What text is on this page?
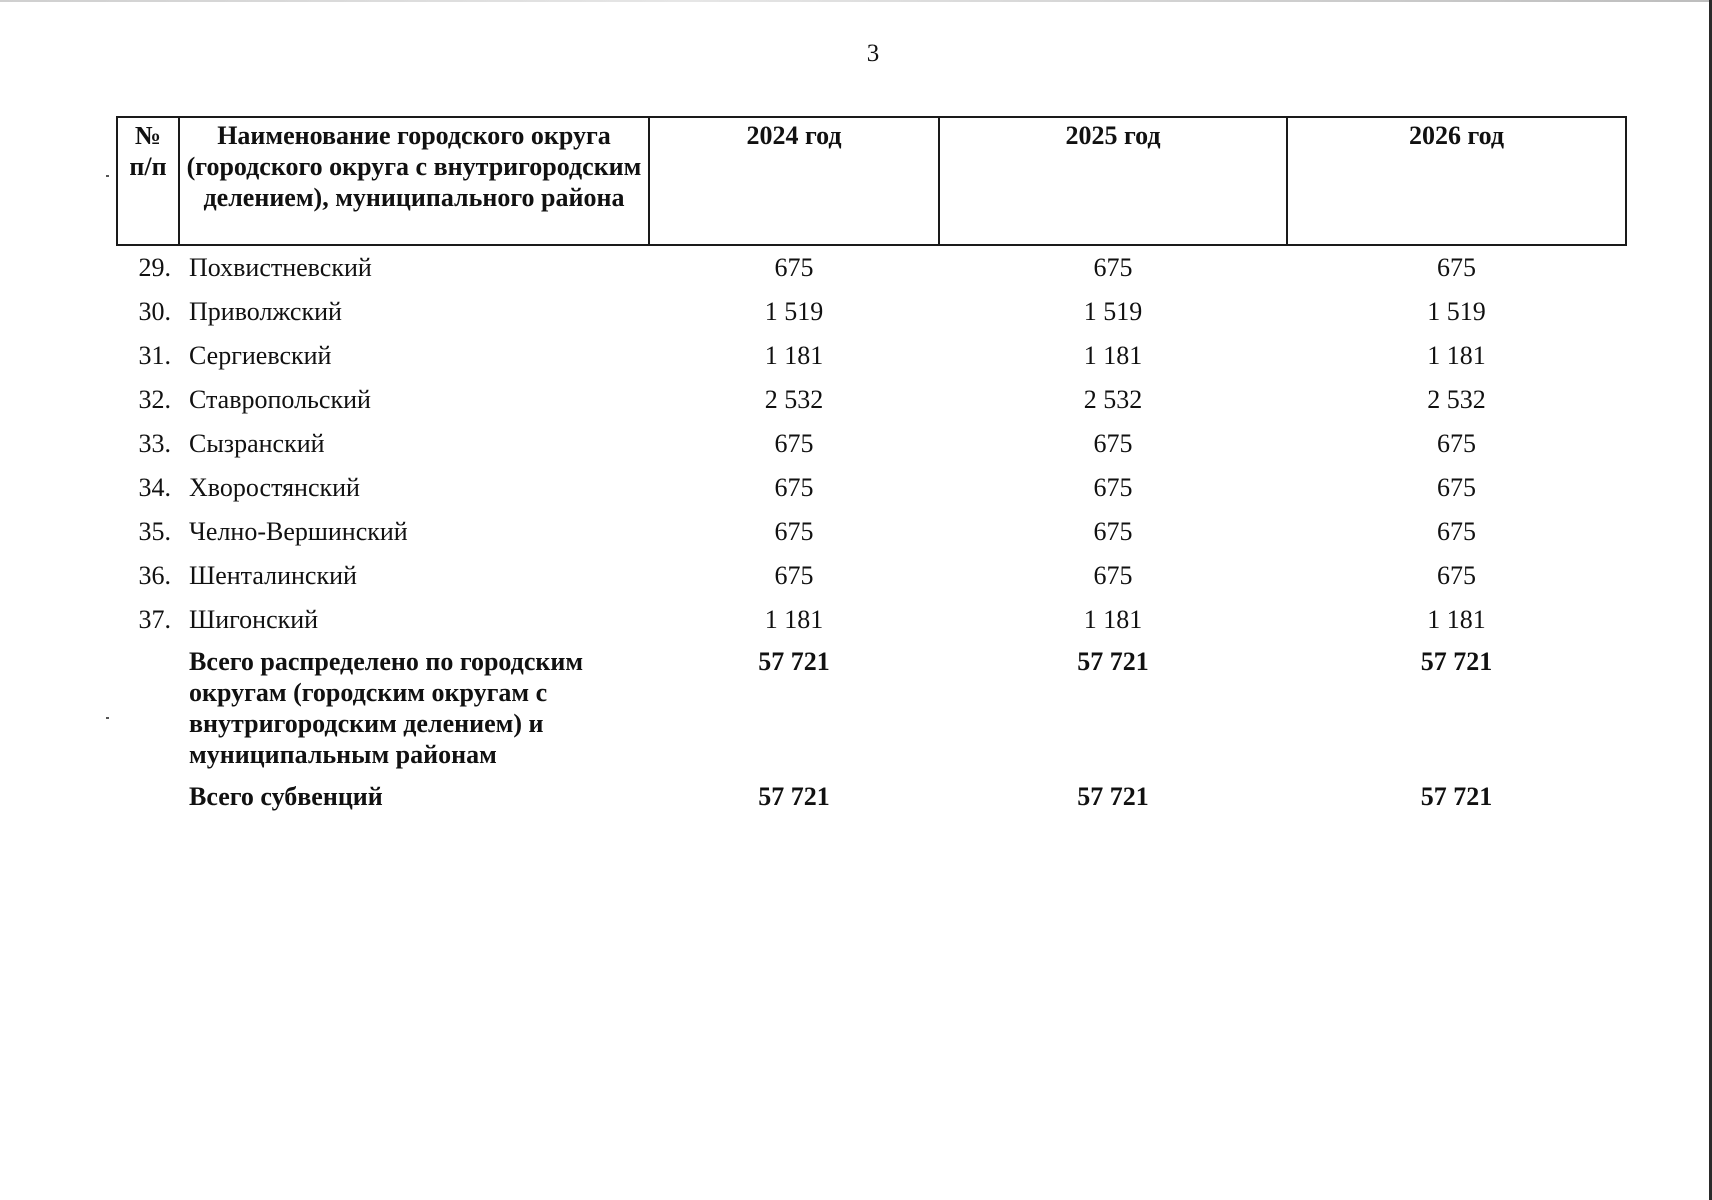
3
№ п/п	Наименование городского округа (городского округа с внутригородским делением), муниципального района	2024 год	2025 год	2026 год
29.	Похвистневский	675	675	675
30.	Приволжский	1 519	1 519	1 519
31.	Сергиевский	1 181	1 181	1 181
32.	Ставропольский	2 532	2 532	2 532
33.	Сызранский	675	675	675
34.	Хворостянский	675	675	675
35.	Челно-Вершинский	675	675	675
36.	Шенталинский	675	675	675
37.	Шигонский	1 181	1 181	1 181
	Всего распределено по городским округам (городским округам с внутригородским делением) и муниципальным районам	57 721	57 721	57 721
	Всего субвенций	57 721	57 721	57 721
